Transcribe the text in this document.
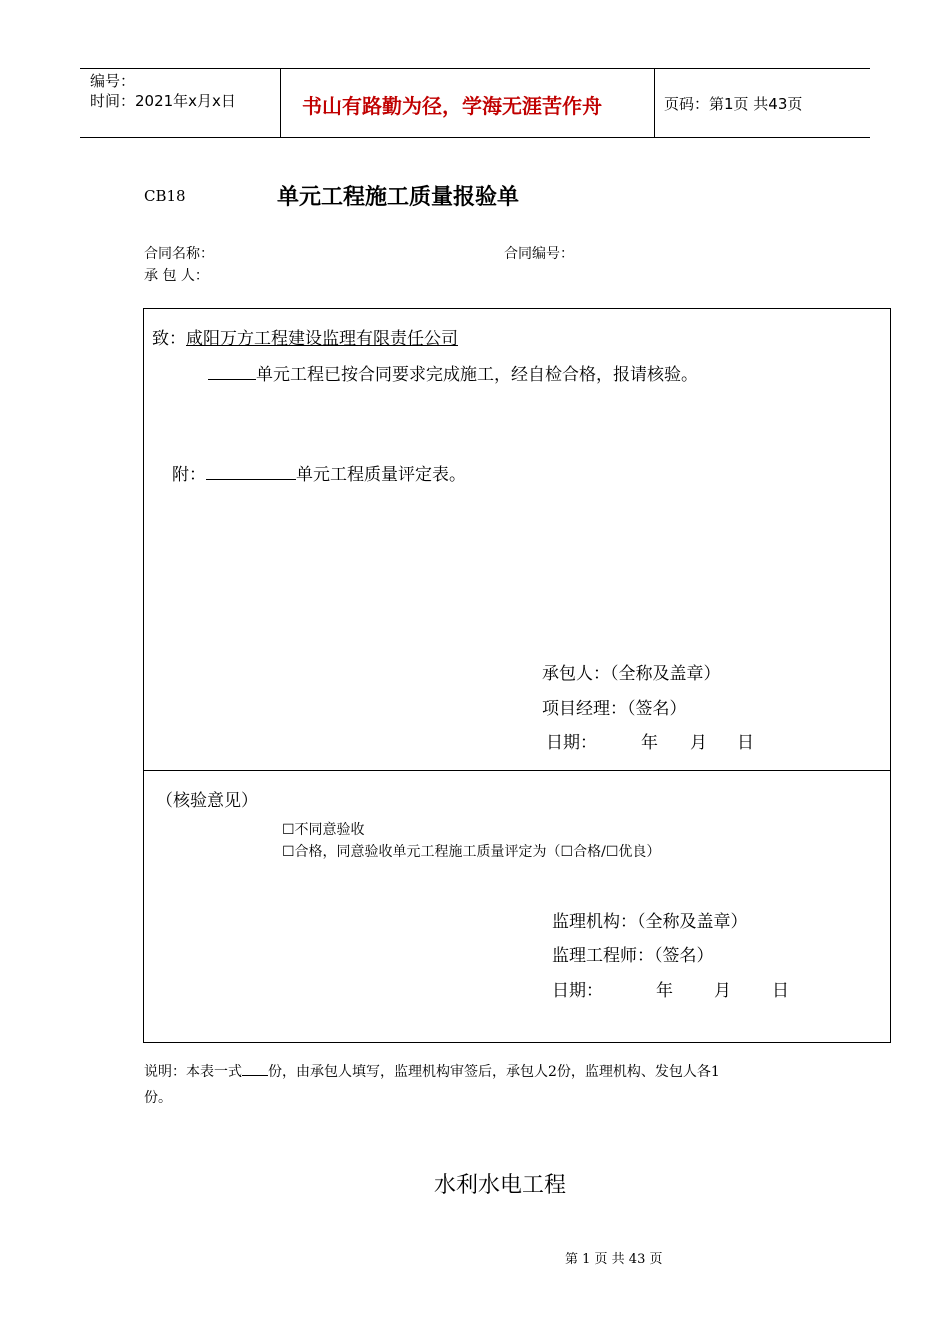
编号：
时间：2021年x月x日	书山有路勤为径，学海无涯苦作舟	页码：第1页 共43页
CB18	单元工程施工质量报验单
合同名称：	合同编号：
承 包 人：
致：咸阳万方工程建设监理有限责任公司
单元工程已按合同要求完成施工，经自检合格，报请核验。
附：	单元工程质量评定表。
承包人：（全称及盖章）
项目经理：（签名）
日期：	年 月 日
（核验意见）
☐不同意验收
☐合格，同意验收单元工程施工质量评定为（☐合格/☐优良）
监理机构：（全称及盖章）
监理工程师：（签名）
日期：	年 月 日
说明：本表一式 份，由承包人填写，监理机构审签后，承包人2份，监理机构、发包人各1
份。
水利水电工程
第 1 页 共 43 页
